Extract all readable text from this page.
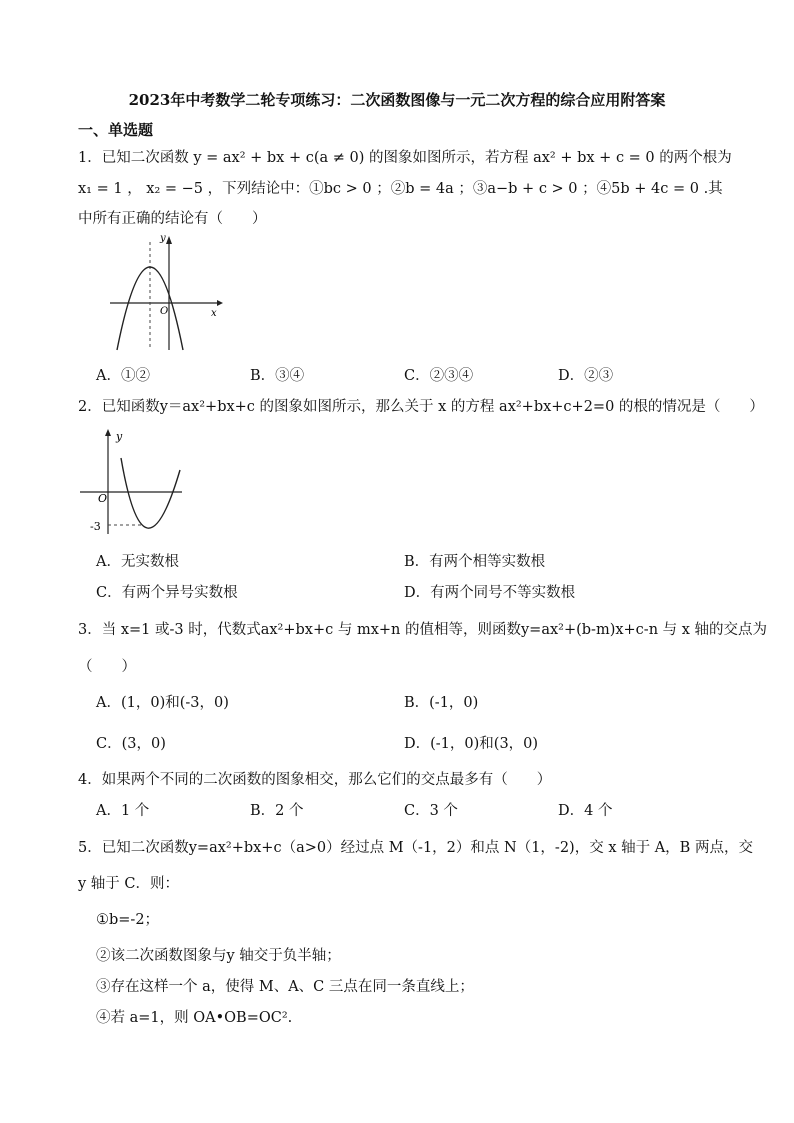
2023年中考数学二轮专项练习：二次函数图像与一元二次方程的综合应用附答案
一、单选题
1．已知二次函数 y = ax² + bx + c(a ≠ 0) 的图象如图所示，若方程 ax² + bx + c = 0 的两个根为
x₁ = 1 ， x₂ = −5 ，下列结论中：①bc > 0 ；②b = 4a ；③a−b + c > 0 ；④5b + 4c = 0 .其
中所有正确的结论有（　　）
y
x
O
A．①②	B．③④	C．②③④	D．②③
2．已知函数y＝ax²+bx+c 的图象如图所示，那么关于 x 的方程 ax²+bx+c+2=0 的根的情况是（　　）
y
O
-3
A．无实数根	B．有两个相等实数根
C．有两个异号实数根	D．有两个同号不等实数根
3．当 x=1 或-3 时，代数式ax²+bx+c 与 mx+n 的值相等，则函数y=ax²+(b-m)x+c-n 与 x 轴的交点为
（　　）
A．(1，0)和(-3，0)	B．(-1，0)
C．(3，0)	D．(-1，0)和(3，0)
4．如果两个不同的二次函数的图象相交，那么它们的交点最多有（　　）
A．1 个	B．2 个	C．3 个	D．4 个
5．已知二次函数y=ax²+bx+c（a>0）经过点 M（-1，2）和点 N（1，-2)，交 x 轴于 A，B 两点，交
y 轴于 C．则：
①b=-2；
②该二次函数图象与y 轴交于负半轴；
③存在这样一个 a，使得 M、A、C 三点在同一条直线上；
④若 a=1，则 OA•OB=OC².
